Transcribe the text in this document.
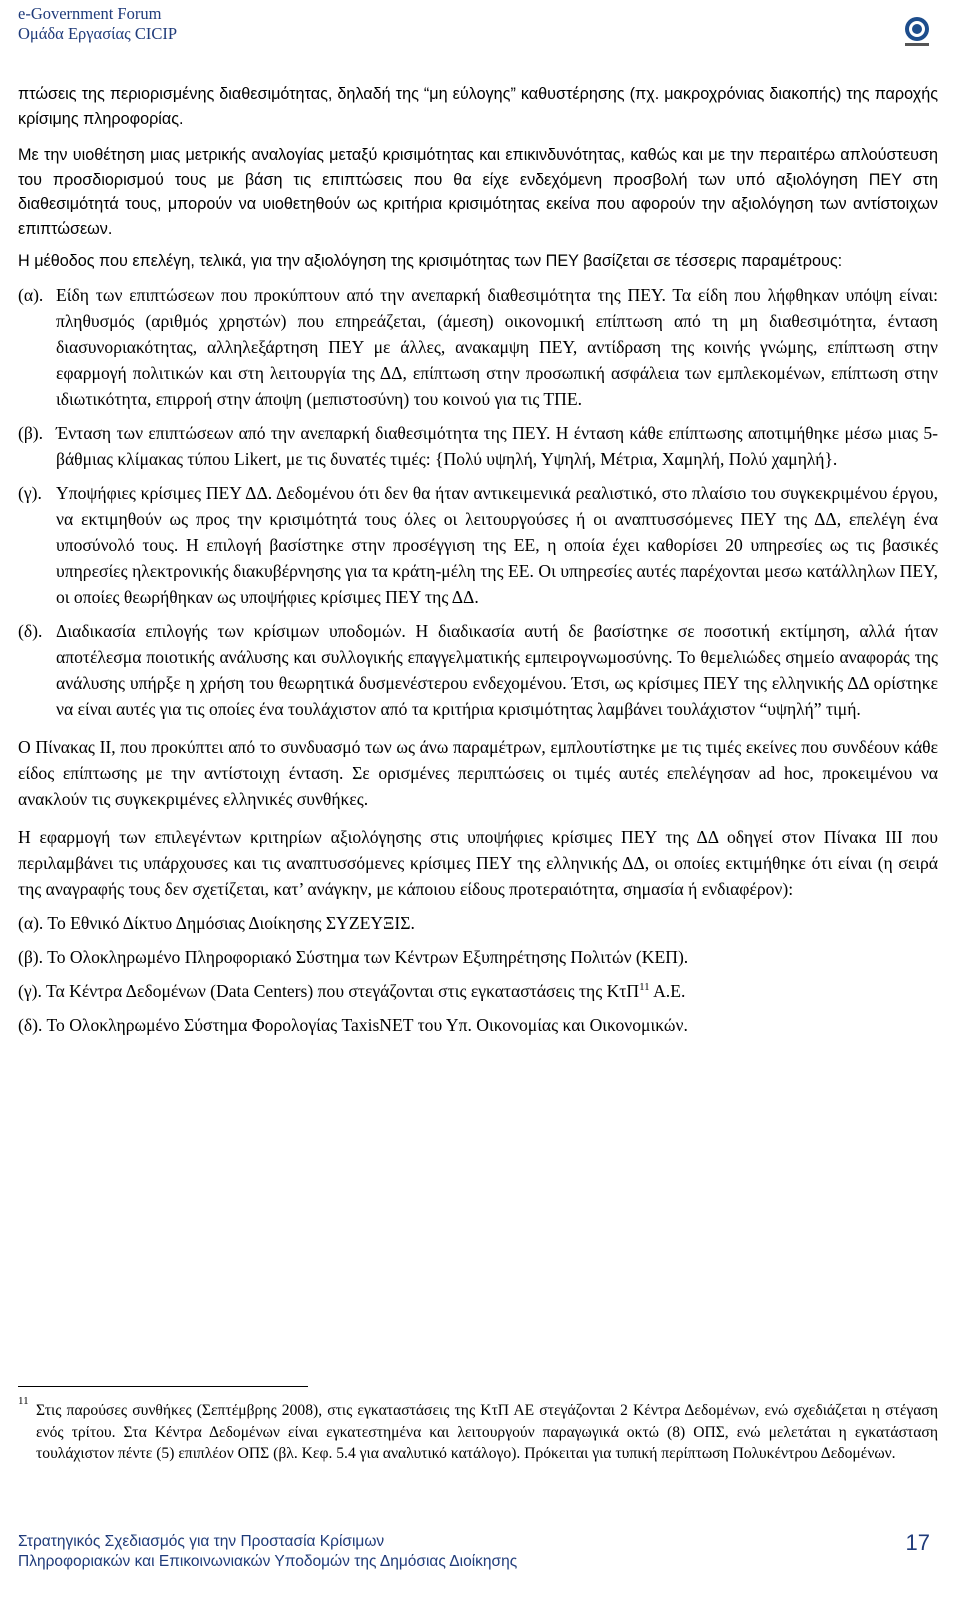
e-Government Forum
Ομάδα Εργασίας CICIP

πτώσεις της περιορισμένης διαθεσιμότητας, δηλαδή της “μη εύλογης” καθυστέρησης (πχ. μακροχρόνιας διακοπής) της παροχής κρίσιμης πληροφορίας.

Με την υιοθέτηση μιας μετρικής αναλογίας μεταξύ κρισιμότητας και επικινδυνότητας, καθώς και με την περαιτέρω απλούστευση του προσδιορισμού τους με βάση τις επιπτώσεις που θα είχε ενδεχόμενη προσβολή των υπό αξιολόγηση ΠΕΥ στη διαθεσιμότητά τους, μπορούν να υιοθετηθούν ως κριτήρια κρισιμότητας εκείνα που αφορούν την αξιολόγηση των αντίστοιχων επιπτώσεων.

Η μέθοδος που επελέγη, τελικά, για την αξιολόγηση της κρισιμότητας των ΠΕΥ βασίζεται σε τέσσερις παραμέτρους:

(α). Είδη των επιπτώσεων που προκύπτουν από την ανεπαρκή διαθεσιμότητα της ΠΕΥ. Τα είδη που λήφθηκαν υπόψη είναι: πληθυσμός (αριθμός χρηστών) που επηρεάζεται, (άμεση) οικονομική επίπτωση από τη μη διαθεσιμότητα, ένταση διασυνοριακότητας, αλληλεξάρτηση ΠΕΥ με άλλες, ανακαμψη ΠΕΥ, αντίδραση της κοινής γνώμης, επίπτωση στην εφαρμογή πολιτικών και στη λειτουργία της ΔΔ, επίπτωση στην προσωπική ασφάλεια των εμπλεκομένων, επίπτωση στην ιδιωτικότητα, επιρροή στην άποψη (μεπιστοσύνη) του κοινού για τις ΤΠΕ.
(β). Ένταση των επιπτώσεων από την ανεπαρκή διαθεσιμότητα της ΠΕΥ. Η ένταση κάθε επίπτωσης αποτιμήθηκε μέσω μιας 5-βάθμιας κλίμακας τύπου Likert, με τις δυνατές τιμές: {Πολύ υψηλή, Υψηλή, Μέτρια, Χαμηλή, Πολύ χαμηλή}.
(γ). Υποψήφιες κρίσιμες ΠΕΥ ΔΔ. Δεδομένου ότι δεν θα ήταν αντικειμενικά ρεαλιστικό, στο πλαίσιο του συγκεκριμένου έργου, να εκτιμηθούν ως προς την κρισιμότητά τους όλες οι λειτουργούσες ή οι αναπτυσσόμενες ΠΕΥ της ΔΔ, επελέγη ένα υποσύνολό τους. Η επιλογή βασίστηκε στην προσέγγιση της ΕΕ, η οποία έχει καθορίσει 20 υπηρεσίες ως τις βασικές υπηρεσίες ηλεκτρονικής διακυβέρνησης για τα κράτη-μέλη της ΕΕ. Οι υπηρεσίες αυτές παρέχονται μεσω κατάλληλων ΠΕΥ, οι οποίες θεωρήθηκαν ως υποψήφιες κρίσιμες ΠΕΥ της ΔΔ.
(δ). Διαδικασία επιλογής των κρίσιμων υποδομών. Η διαδικασία αυτή δε βασίστηκε σε ποσοτική εκτίμηση, αλλά ήταν αποτέλεσμα ποιοτικής ανάλυσης και συλλογικής επαγγελματικής εμπειρογνωμοσύνης. Το θεμελιώδες σημείο αναφοράς της ανάλυσης υπήρξε η χρήση του θεωρητικά δυσμενέστερου ενδεχομένου. Έτσι, ως κρίσιμες ΠΕΥ της ελληνικής ΔΔ ορίστηκε να είναι αυτές για τις οποίες ένα τουλάχιστον από τα κριτήρια κρισιμότητας λαμβάνει τουλάχιστον “υψηλή” τιμή.

Ο Πίνακας ΙΙ, που προκύπτει από το συνδυασμό των ως άνω παραμέτρων, εμπλουτίστηκε με τις τιμές εκείνες που συνδέουν κάθε είδος επίπτωσης με την αντίστοιχη ένταση. Σε ορισμένες περιπτώσεις οι τιμές αυτές επελέγησαν ad hoc, προκειμένου να ανακλούν τις συγκεκριμένες ελληνικές συνθήκες.

Η εφαρμογή των επιλεγέντων κριτηρίων αξιολόγησης στις υποψήφιες κρίσιμες ΠΕΥ της ΔΔ οδηγεί στον Πίνακα ΙΙΙ που περιλαμβάνει τις υπάρχουσες και τις αναπτυσσόμενες κρίσιμες ΠΕΥ της ελληνικής ΔΔ, οι οποίες εκτιμήθηκε ότι είναι (η σειρά της αναγραφής τους δεν σχετίζεται, κατ’ ανάγκην, με κάποιου είδους προτεραιότητα, σημασία ή ενδιαφέρον):

(α). Το Εθνικό Δίκτυο Δημόσιας Διοίκησης ΣΥΖΕΥΞΙΣ.
(β). Το Ολοκληρωμένο Πληροφοριακό Σύστημα των Κέντρων Εξυπηρέτησης Πολιτών (ΚΕΠ).
(γ). Τα Κέντρα Δεδομένων (Data Centers) που στεγάζονται στις εγκαταστάσεις της ΚτΠ$^{11}$ Α.Ε.
(δ). Το Ολοκληρωμένο Σύστημα Φορολογίας TaxisNET του Υπ. Οικονομίας και Οικονομικών.
11
Στις παρούσες συνθήκες (Σεπτέμβρης 2008), στις εγκαταστάσεις της ΚτΠ ΑΕ στεγάζονται 2 Κέντρα Δεδομένων, ενώ σχεδιάζεται η στέγαση ενός τρίτου. Στα Κέντρα Δεδομένων είναι εγκατεστημένα και λειτουργούν παραγωγικά οκτώ (8) ΟΠΣ, ενώ μελετάται η εγκατάσταση τουλάχιστον πέντε (5) επιπλέον ΟΠΣ (βλ. Κεφ. 5.4 για αναλυτικό κατάλογο). Πρόκειται για τυπική περίπτωση Πολυκέντρου Δεδομένων.
Στρατηγικός Σχεδιασμός για την Προστασία Κρίσιμων
Πληροφοριακών και Επικοινωνιακών Υποδομών της Δημόσιας Διοίκησης
17
